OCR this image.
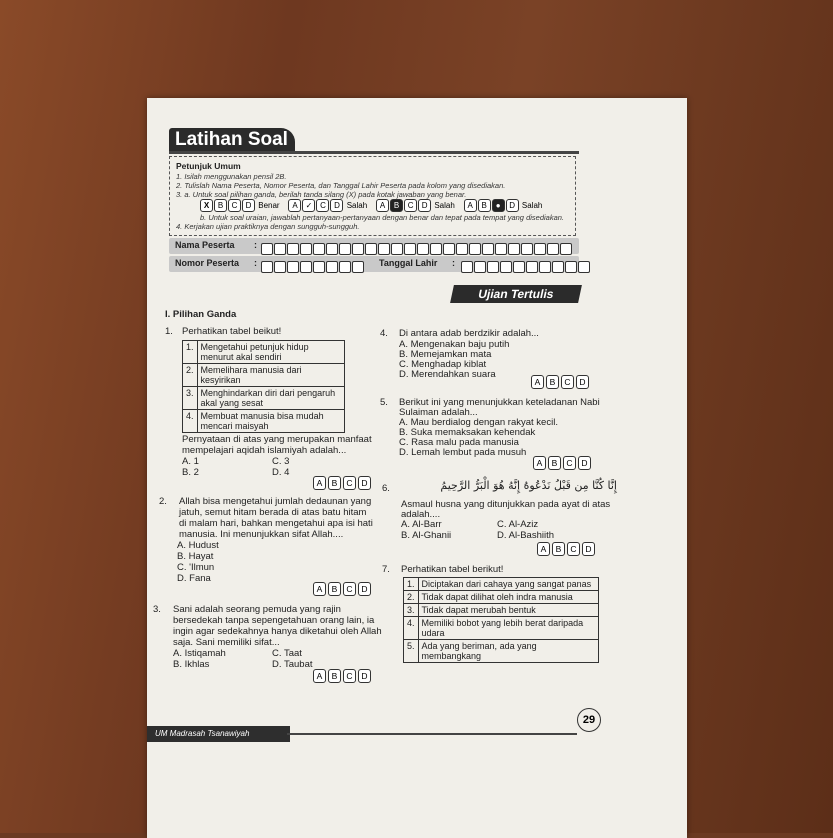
Latihan Soal
Petunjuk Umum
1. Isilah menggunakan pensil 2B.
2. Tulislah Nama Peserta, Nomor Peserta, dan Tanggal Lahir Peserta pada kolom yang disediakan.
3. a. Untuk soal pilihan ganda, berilah tanda silang (X) pada kotak jawaban yang benar.
X B C D Benar A ✓ C D Salah A B C D Salah A B ● D Salah
b. Untuk soal uraian, jawablah pertanyaan-pertanyaan dengan benar dan tepat pada tempat yang disediakan.
4. Kerjakan ujian praktiknya dengan sungguh-sungguh.
Nama Peserta :
Nomor Peserta :	Tanggal Lahir :
Ujian Tertulis
I. Pilihan Ganda
1. Perhatikan tabel beikut!
1.	Mengetahui petunjuk hidup menurut akal sendiri
2.	Memelihara manusia dari kesyirikan
3.	Menghindarkan diri dari pengaruh akal yang sesat
4.	Membuat manusia bisa mudah mencari maisyah
Pernyataan di atas yang merupakan manfaat
mempelajari aqidah islamiyah adalah...
A. 1	C. 3
B. 2	D. 4
A	B	C	D
2. Allah bisa mengetahui jumlah dedaunan yang
jatuh, semut hitam berada di atas batu hitam
di malam hari, bahkan mengetahui apa isi hati
manusia. Ini menunjukkan sifat Allah....
A. Hudust
B. Hayat
C. 'Ilmun
D. Fana
A	B	C	D
3. Sani adalah seorang pemuda yang rajin
bersedekah tanpa sepengetahuan orang lain, ia
ingin agar sedekahnya hanya diketahui oleh Allah
saja. Sani memiliki sifat...
A. Istiqamah	C. Taat
B. Ikhlas	D. Taubat
A	B	C	D
4. Di antara adab berdzikir adalah...
A. Mengenakan baju putih
B. Memejamkan mata
C. Menghadap kiblat
D. Merendahkan suara
A	B	C	D
5. Berikut ini yang menunjukkan keteladanan Nabi
Sulaiman adalah...
A. Mau berdialog dengan rakyat kecil.
B. Suka memaksakan kehendak
C. Rasa malu pada manusia
D. Lemah lembut pada musuh
A	B	C	D
6.	إِنَّا كُنَّا مِن قَبْلُ نَدْعُوهُ إِنَّهُ هُوَ الْبَرُّ الرَّحِيمُ
Asmaul husna yang ditunjukkan pada ayat di atas
adalah....
A. Al-Barr	C. Al-Aziz
B. Al-Ghanii	D. Al-Bashiith
A	B	C	D
7. Perhatikan tabel berikut!
1.	Diciptakan dari cahaya yang sangat panas
2.	Tidak dapat dilihat oleh indra manusia
3.	Tidak dapat merubah bentuk
4.	Memiliki bobot yang lebih berat daripada udara
5.	Ada yang beriman, ada yang membangkang
UM Madrasah Tsanawiyah
29
